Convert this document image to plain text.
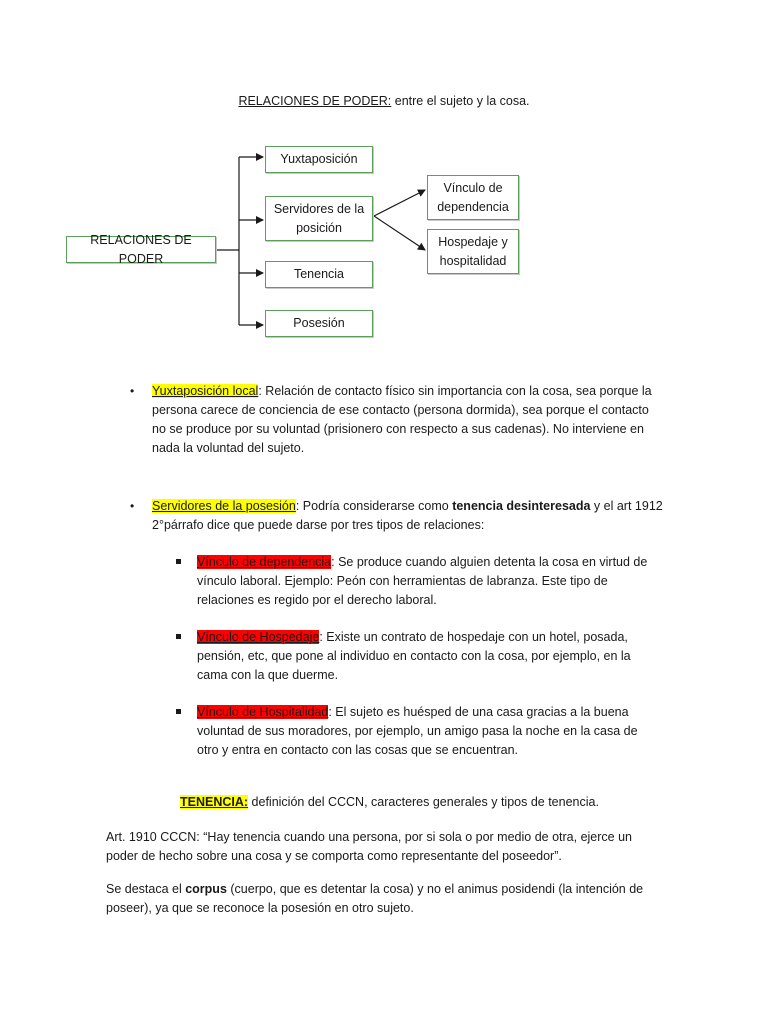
RELACIONES DE PODER: entre el sujeto y la cosa.
RELACIONES DE PODER
Yuxtaposición
Servidores de la posición
Tenencia
Posesión
Vínculo de dependencia
Hospedaje y hospitalidad
• Yuxtaposición local: Relación de contacto físico sin importancia con la cosa, sea porque la persona carece de conciencia de ese contacto (persona dormida), sea porque el contacto no se produce por su voluntad (prisionero con respecto a sus cadenas). No interviene en nada la voluntad del sujeto.
• Servidores de la posesión: Podría considerarse como tenencia desinteresada y el art 1912 2°párrafo dice que puede darse por tres tipos de relaciones:
Vínculo de dependencia: Se produce cuando alguien detenta la cosa en virtud de vínculo laboral. Ejemplo: Peón con herramientas de labranza. Este tipo de relaciones es regido por el derecho laboral.
Vínculo de Hospedaje: Existe un contrato de hospedaje con un hotel, posada, pensión, etc, que pone al individuo en contacto con la cosa, por ejemplo, en la cama con la que duerme.
Vínculo de Hospitalidad: El sujeto es huésped de una casa gracias a la buena voluntad de sus moradores, por ejemplo, un amigo pasa la noche en la casa de otro y entra en contacto con las cosas que se encuentran.
TENENCIA: definición del CCCN, caracteres generales y tipos de tenencia.
Art. 1910 CCCN: “Hay tenencia cuando una persona, por si sola o por medio de otra, ejerce un poder de hecho sobre una cosa y se comporta como representante del poseedor”.
Se destaca el corpus (cuerpo, que es detentar la cosa) y no el animus posidendi (la intención de poseer), ya que se reconoce la posesión en otro sujeto.
